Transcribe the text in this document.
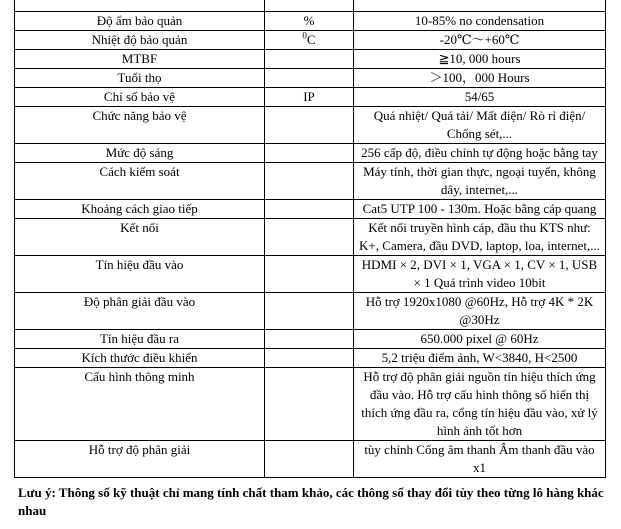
Độ ẩm bảo quản	%	10-85% no condensation
Nhiệt độ bảo quản	$^0$C	-20℃～+60℃
MTBF		≧10, 000 hours
Tuổi thọ		＞100，000 Hours
Chỉ số bảo vệ	IP	54/65
Chức năng bảo vệ		Quá nhiệt/ Quá tải/ Mất điện/ Rò rỉ điện/ Chống sét,...
Mức độ sáng		256 cấp độ, điều chỉnh tự động hoặc bằng tay
Cách kiểm soát		Máy tính, thời gian thực, ngoại tuyến, không dây, internet,...
Khoảng cách giao tiếp		Cat5 UTP 100 - 130m. Hoặc bằng cáp quang
Kết nối		Kết nối truyền hình cáp, đầu thu KTS như: K+, Camera, đầu DVD, laptop, loa, internet,...
Tín hiệu đầu vào		HDMI × 2, DVI × 1, VGA × 1, CV × 1, USB × 1 Quá trình video 10bit
Độ phân giải đầu vào		Hỗ trợ 1920x1080 @60Hz, Hỗ trợ 4K * 2K @30Hz
Tín hiệu đầu ra		650.000 pixel @ 60Hz
Kích thước điều khiển		5,2 triệu điểm ảnh, W<3840, H<2500
Cấu hình thông minh		Hỗ trợ độ phân giải nguồn tín hiệu thích ứng đầu vào. Hỗ trợ cấu hình thông số hiển thị thích ứng đầu ra, cổng tín hiệu đầu vào, xử lý hình ảnh tốt hơn
Hỗ trợ độ phân giải		tùy chỉnh Cổng âm thanh Âm thanh đầu vào x1
Lưu ý: Thông số kỹ thuật chỉ mang tính chất tham khảo, các thông số thay đổi tùy theo từng lô hàng khác nhau
